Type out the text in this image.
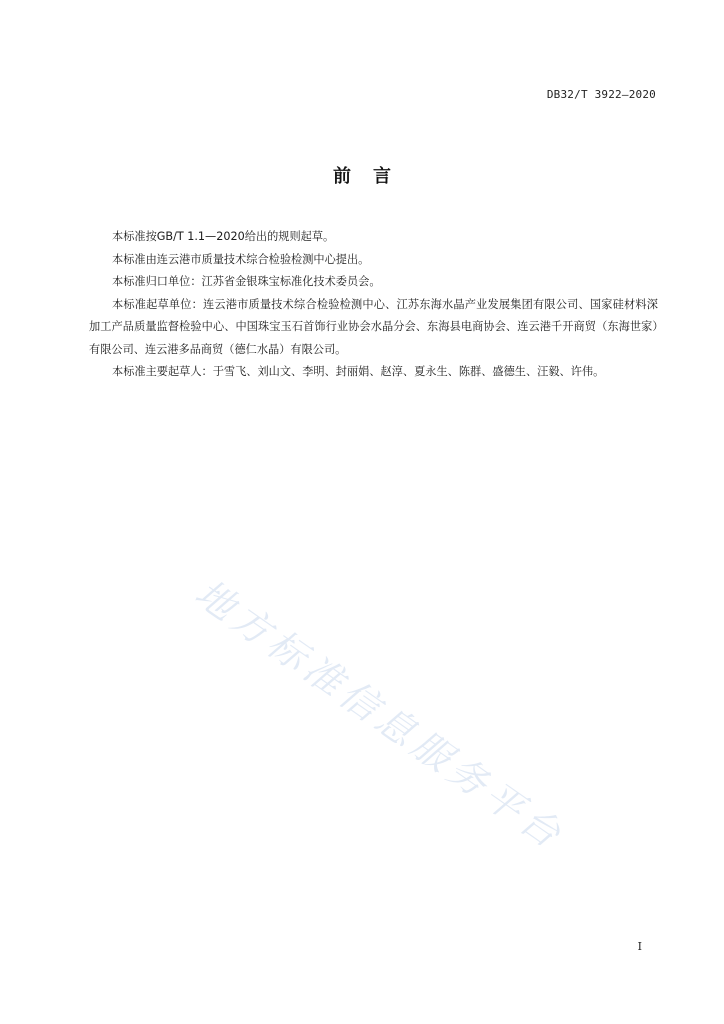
DB32/T 3922—2020
前言

本标准按GB/T 1.1—2020给出的规则起草。

本标准由连云港市质量技术综合检验检测中心提出。

本标准归口单位：江苏省金银珠宝标准化技术委员会。

本标准起草单位：连云港市质量技术综合检验检测中心、江苏东海水晶产业发展集团有限公司、国家硅材料深加工产品质量监督检验中心、中国珠宝玉石首饰行业协会水晶分会、东海县电商协会、连云港千开商贸（东海世家）有限公司、连云港多品商贸（德仁水晶）有限公司。

本标准主要起草人：于雪飞、刘山文、李明、封丽娟、赵淳、夏永生、陈群、盛德生、汪毅、许伟。

地方标准信息服务平台
I
